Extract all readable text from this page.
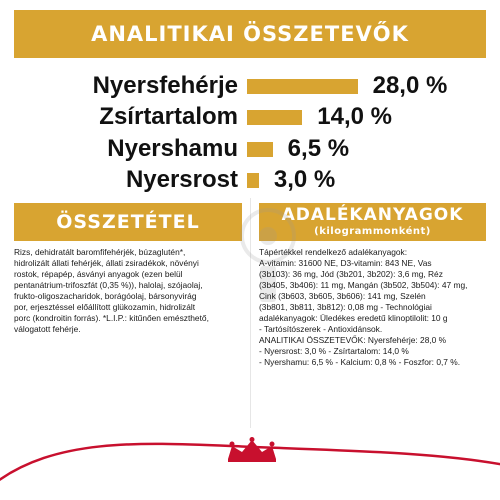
ANALITIKAI ÖSSZETEVŐK
Nyersfehérje	28,0 %
Zsírtartalom	14,0 %
Nyershamu 6,5 %
Nyersrost 3,0 %
ÖSSZETÉTEL	ADALÉKANYAGOK
(kilogrammonként)
Rizs, dehidratált baromfifehérjék, búzaglutén*,
hidrolizált állati fehérjék, állati zsiradékok, növényi
rostok, répapép, ásványi anyagok (ezen belül
pentanátrium-trifoszfát (0,35 %)), halolaj, szójaolaj,
frukto-oligoszacharidok, borágóolaj, bársonyvirág
por, erjesztéssel előállított glükozamin, hidrolizált
porc (kondroitin forrás). *L.I.P.: kitűnően emészthető,
válogatott fehérje.
Tápértékkel rendelkező adalékanyagok:
A-vitamin: 31600 NE, D3-vitamin: 843 NE, Vas
(3b103): 36 mg, Jód (3b201, 3b202): 3,6 mg, Réz
(3b405, 3b406): 11 mg, Mangán (3b502, 3b504): 47 mg,
Cink (3b603, 3b605, 3b606): 141 mg, Szelén
(3b801, 3b811, 3b812): 0,08 mg - Technológiai
adalékanyagok: Üledékes eredetű klinoptilolit: 10 g
- Tartósítószerek - Antioxidánsok.
ANALITIKAI ÖSSZETEVŐK: Nyersfehérje: 28,0 %
- Nyersrost: 3,0 % - Zsírtartalom: 14,0 %
- Nyershamu: 6,5 % - Kalcium: 0,8 % - Foszfor: 0,7 %.
